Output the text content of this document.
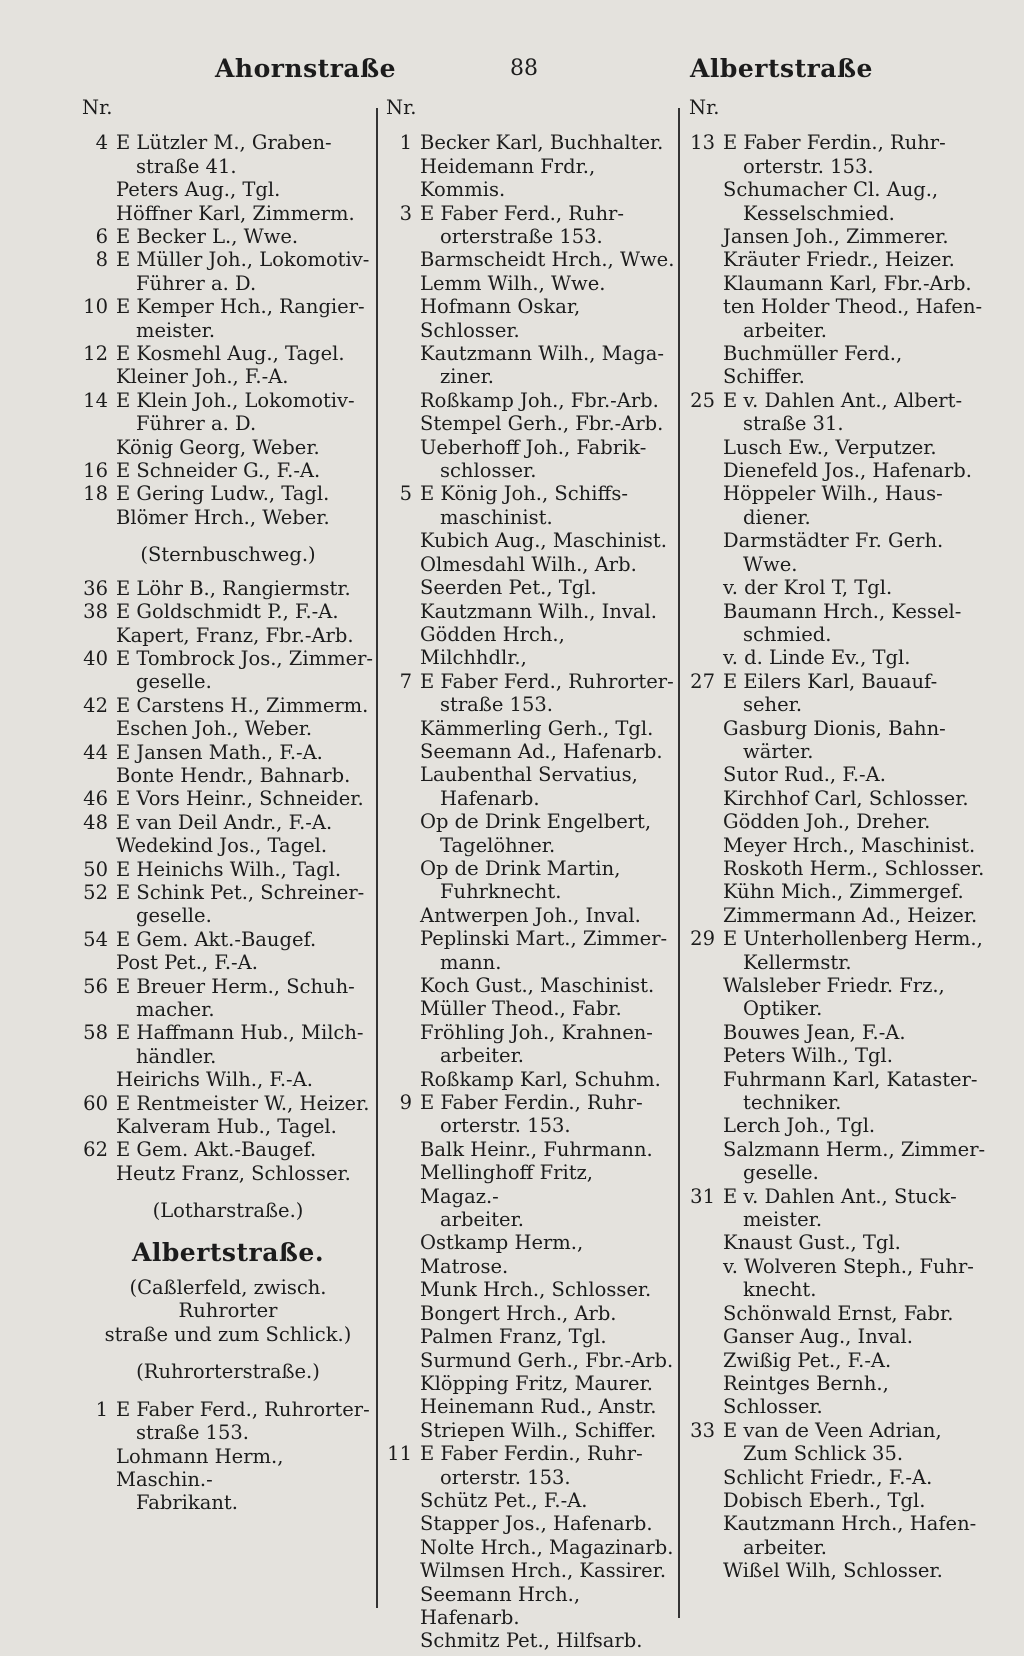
Ahornstraße	88	Albertstraße
Nr.
4 E Lützler M., Graben-
straße 41.
Peters Aug., Tgl.
Höffner Karl, Zimmerm.
6 E Becker L., Wwe.
8 E Müller Joh., Lokomotiv-
Führer a. D.
10 E Kemper Hch., Rangier-
meister.
12 E Kosmehl Aug., Tagel.
Kleiner Joh., F.-A.
14 E Klein Joh., Lokomotiv-
Führer a. D.
König Georg, Weber.
16 E Schneider G., F.-A.
18 E Gering Ludw., Tagl.
Blömer Hrch., Weber.
(Sternbuschweg.)
36 E Löhr B., Rangiermstr.
38 E Goldschmidt P., F.-A.
Kapert, Franz, Fbr.-Arb.
40 E Tombrock Jos., Zimmer-
geselle.
42 E Carstens H., Zimmerm.
Eschen Joh., Weber.
44 E Jansen Math., F.-A.
Bonte Hendr., Bahnarb.
46 E Vors Heinr., Schneider.
48 E van Deil Andr., F.-A.
Wedekind Jos., Tagel.
50 E Heinichs Wilh., Tagl.
52 E Schink Pet., Schreiner-
geselle.
54 E Gem. Akt.-Baugef.
Post Pet., F.-A.
56 E Breuer Herm., Schuh-
macher.
58 E Haffmann Hub., Milch-
händler.
Heirichs Wilh., F.-A.
60 E Rentmeister W., Heizer.
Kalveram Hub., Tagel.
62 E Gem. Akt.-Baugef.
Heutz Franz, Schlosser.
(Lotharstraße.)
Albertstraße.
(Caßlerfeld, zwisch. Ruhrorter
straße und zum Schlick.)
(Ruhrorterstraße.)
1 E Faber Ferd., Ruhrorter-
straße 153.
Lohmann Herm., Maschin.-
Fabrikant.
Nr.
1 Becker Karl, Buchhalter.
Heidemann Frdr., Kommis.
3 E Faber Ferd., Ruhr-
orterstraße 153.
Barmscheidt Hrch., Wwe.
Lemm Wilh., Wwe.
Hofmann Oskar, Schlosser.
Kautzmann Wilh., Maga-
ziner.
Roßkamp Joh., Fbr.-Arb.
Stempel Gerh., Fbr.-Arb.
Ueberhoff Joh., Fabrik-
schlosser.
5 E König Joh., Schiffs-
maschinist.
Kubich Aug., Maschinist.
Olmesdahl Wilh., Arb.
Seerden Pet., Tgl.
Kautzmann Wilh., Inval.
Gödden Hrch., Milchhdlr.,
7 E Faber Ferd., Ruhrorter-
straße 153.
Kämmerling Gerh., Tgl.
Seemann Ad., Hafenarb.
Laubenthal Servatius,
Hafenarb.
Op de Drink Engelbert,
Tagelöhner.
Op de Drink Martin,
Fuhrknecht.
Antwerpen Joh., Inval.
Peplinski Mart., Zimmer-
mann.
Koch Gust., Maschinist.
Müller Theod., Fabr.
Fröhling Joh., Krahnen-
arbeiter.
Roßkamp Karl, Schuhm.
9 E Faber Ferdin., Ruhr-
orterstr. 153.
Balk Heinr., Fuhrmann.
Mellinghoff Fritz, Magaz.-
arbeiter.
Ostkamp Herm., Matrose.
Munk Hrch., Schlosser.
Bongert Hrch., Arb.
Palmen Franz, Tgl.
Surmund Gerh., Fbr.-Arb.
Klöpping Fritz, Maurer.
Heinemann Rud., Anstr.
Striepen Wilh., Schiffer.
11 E Faber Ferdin., Ruhr-
orterstr. 153.
Schütz Pet., F.-A.
Stapper Jos., Hafenarb.
Nolte Hrch., Magazinarb.
Wilmsen Hrch., Kassirer.
Seemann Hrch., Hafenarb.
Schmitz Pet., Hilfsarb.
Nr.
13 E Faber Ferdin., Ruhr-
orterstr. 153.
Schumacher Cl. Aug.,
Kesselschmied.
Jansen Joh., Zimmerer.
Kräuter Friedr., Heizer.
Klaumann Karl, Fbr.-Arb.
ten Holder Theod., Hafen-
arbeiter.
Buchmüller Ferd., Schiffer.
25 E v. Dahlen Ant., Albert-
straße 31.
Lusch Ew., Verputzer.
Dienefeld Jos., Hafenarb.
Höppeler Wilh., Haus-
diener.
Darmstädter Fr. Gerh.
Wwe.
v. der Krol T, Tgl.
Baumann Hrch., Kessel-
schmied.
v. d. Linde Ev., Tgl.
27 E Eilers Karl, Bauauf-
seher.
Gasburg Dionis, Bahn-
wärter.
Sutor Rud., F.-A.
Kirchhof Carl, Schlosser.
Gödden Joh., Dreher.
Meyer Hrch., Maschinist.
Roskoth Herm., Schlosser.
Kühn Mich., Zimmergef.
Zimmermann Ad., Heizer.
29 E Unterhollenberg Herm.,
Kellermstr.
Walsleber Friedr. Frz.,
Optiker.
Bouwes Jean, F.-A.
Peters Wilh., Tgl.
Fuhrmann Karl, Kataster-
techniker.
Lerch Joh., Tgl.
Salzmann Herm., Zimmer-
geselle.
31 E v. Dahlen Ant., Stuck-
meister.
Knaust Gust., Tgl.
v. Wolveren Steph., Fuhr-
knecht.
Schönwald Ernst, Fabr.
Ganser Aug., Inval.
Zwißig Pet., F.-A.
Reintges Bernh., Schlosser.
33 E van de Veen Adrian,
Zum Schlick 35.
Schlicht Friedr., F.-A.
Dobisch Eberh., Tgl.
Kautzmann Hrch., Hafen-
arbeiter.
Wißel Wilh, Schlosser.
